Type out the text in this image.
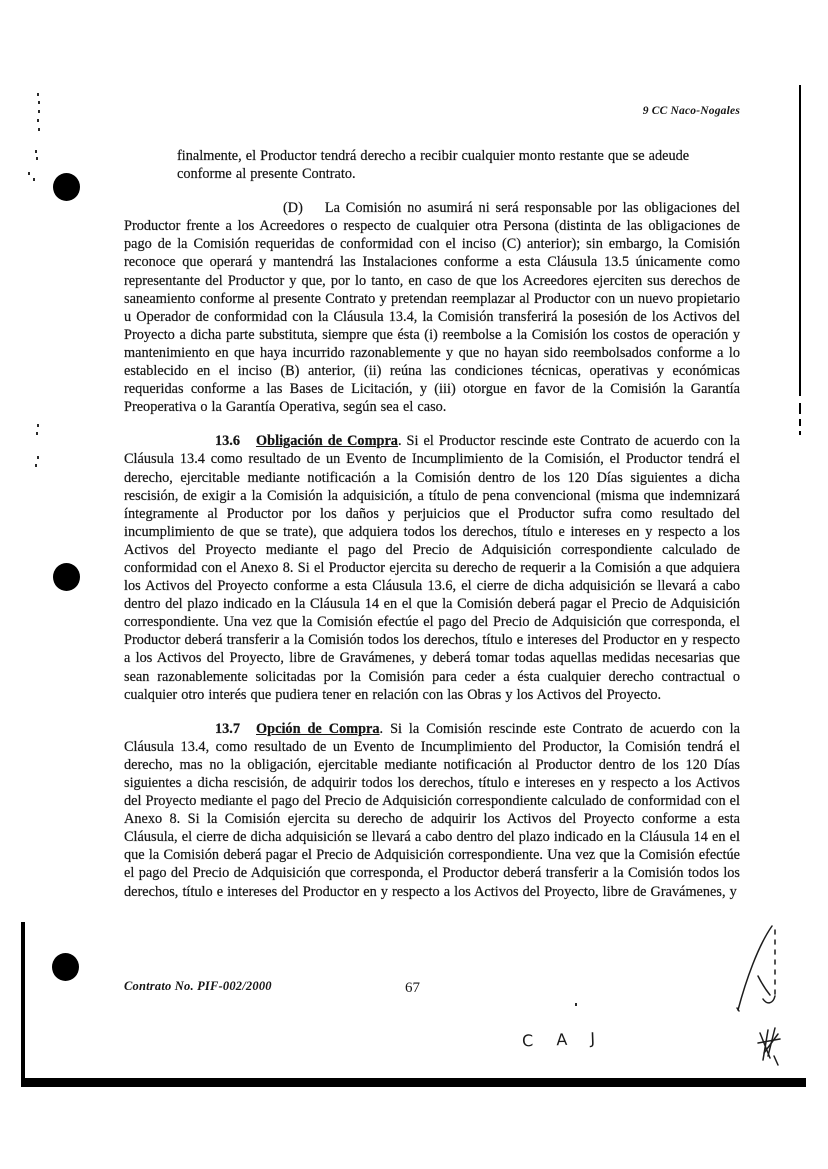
9 CC Naco-Nogales

finalmente, el Productor tendrá derecho a recibir cualquier monto restante que se adeude conforme al presente Contrato.

(D) La Comisión no asumirá ni será responsable por las obligaciones del Productor frente a los Acreedores o respecto de cualquier otra Persona (distinta de las obligaciones de pago de la Comisión requeridas de conformidad con el inciso (C) anterior); sin embargo, la Comisión reconoce que operará y mantendrá las Instalaciones conforme a esta Cláusula 13.5 únicamente como representante del Productor y que, por lo tanto, en caso de que los Acreedores ejerciten sus derechos de saneamiento conforme al presente Contrato y pretendan reemplazar al Productor con un nuevo propietario u Operador de conformidad con la Cláusula 13.4, la Comisión transferirá la posesión de los Activos del Proyecto a dicha parte substituta, siempre que ésta (i) reembolse a la Comisión los costos de operación y mantenimiento en que haya incurrido razonablemente y que no hayan sido reembolsados conforme a lo establecido en el inciso (B) anterior, (ii) reúna las condiciones técnicas, operativas y económicas requeridas conforme a las Bases de Licitación, y (iii) otorgue en favor de la Comisión la Garantía Preoperativa o la Garantía Operativa, según sea el caso.

13.6 Obligación de Compra. Si el Productor rescinde este Contrato de acuerdo con la Cláusula 13.4 como resultado de un Evento de Incumplimiento de la Comisión, el Productor tendrá el derecho, ejercitable mediante notificación a la Comisión dentro de los 120 Días siguientes a dicha rescisión, de exigir a la Comisión la adquisición, a título de pena convencional (misma que indemnizará íntegramente al Productor por los daños y perjuicios que el Productor sufra como resultado del incumplimiento de que se trate), que adquiera todos los derechos, título e intereses en y respecto a los Activos del Proyecto mediante el pago del Precio de Adquisición correspondiente calculado de conformidad con el Anexo 8. Si el Productor ejercita su derecho de requerir a la Comisión a que adquiera los Activos del Proyecto conforme a esta Cláusula 13.6, el cierre de dicha adquisición se llevará a cabo dentro del plazo indicado en la Cláusula 14 en el que la Comisión deberá pagar el Precio de Adquisición correspondiente. Una vez que la Comisión efectúe el pago del Precio de Adquisición que corresponda, el Productor deberá transferir a la Comisión todos los derechos, título e intereses del Productor en y respecto a los Activos del Proyecto, libre de Gravámenes, y deberá tomar todas aquellas medidas necesarias que sean razonablemente solicitadas por la Comisión para ceder a ésta cualquier derecho contractual o cualquier otro interés que pudiera tener en relación con las Obras y los Activos del Proyecto.

13.7 Opción de Compra. Si la Comisión rescinde este Contrato de acuerdo con la Cláusula 13.4, como resultado de un Evento de Incumplimiento del Productor, la Comisión tendrá el derecho, mas no la obligación, ejercitable mediante notificación al Productor dentro de los 120 Días siguientes a dicha rescisión, de adquirir todos los derechos, título e intereses en y respecto a los Activos del Proyecto mediante el pago del Precio de Adquisición correspondiente calculado de conformidad con el Anexo 8. Si la Comisión ejercita su derecho de adquirir los Activos del Proyecto conforme a esta Cláusula, el cierre de dicha adquisición se llevará a cabo dentro del plazo indicado en la Cláusula 14 en el que la Comisión deberá pagar el Precio de Adquisición correspondiente. Una vez que la Comisión efectúe el pago del Precio de Adquisición que corresponda, el Productor deberá transferir a la Comisión todos los derechos, título e intereses del Productor en y respecto a los Activos del Proyecto, libre de Gravámenes, y

Contrato No. PIF-002/2000	67
C A J
